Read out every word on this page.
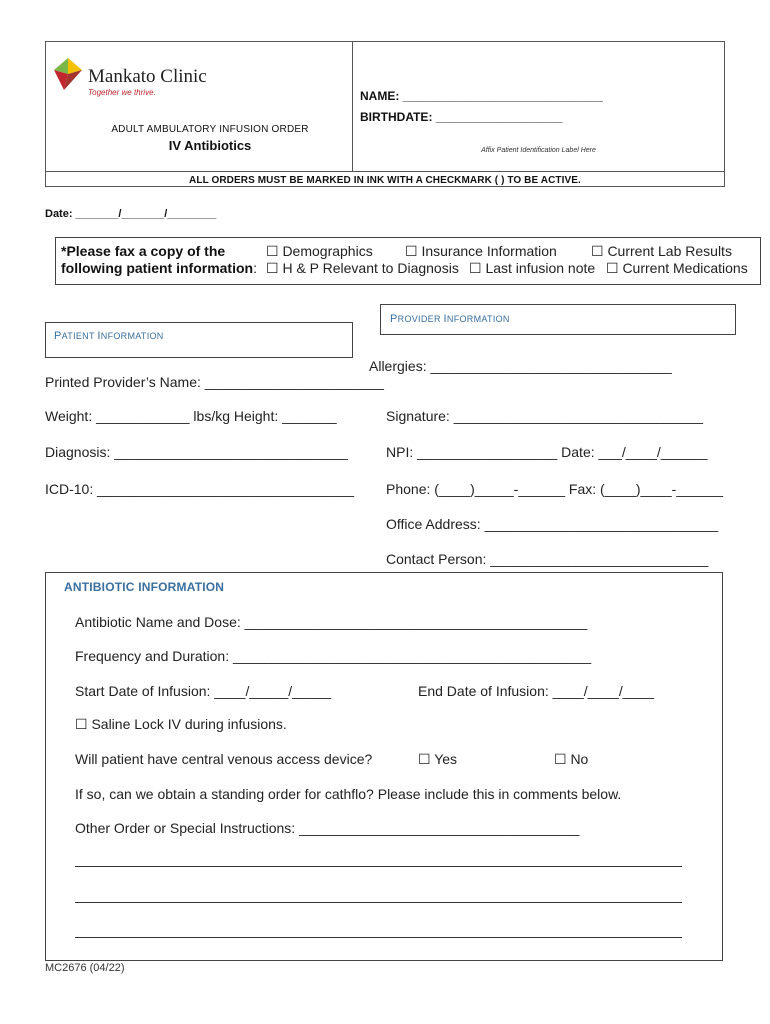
Mankato Clinic
Together we thrive.
ADULT AMBULATORY INFUSION ORDER
IV Antibiotics
NAME: ______________________________
BIRTHDATE: ___________________
Affix Patient Identification Label Here
ALL ORDERS MUST BE MARKED IN INK WITH A CHECKMARK ( ) TO BE ACTIVE.
Date: _______/_______/________
*Please fax a copy of the
following patient information:
☐ Demographics ☐ Insurance Information ☐ Current Lab Results
☐ H & P Relevant to Diagnosis ☐ Last infusion note ☐ Current Medications
PROVIDER INFORMATION
PATIENT INFORMATION
Allergies: _______________________________
Printed Provider’s Name: _______________________
Weight: ____________ lbs/kg Height: _______	Signature: ________________________________
Diagnosis: ______________________________	NPI: __________________ Date: ___/____/______
ICD-10: _________________________________ Phone: (____)_____-______ Fax: (____)____-______
Office Address: ______________________________
Contact Person: ____________________________
ANTIBIOTIC INFORMATION
Antibiotic Name and Dose: ____________________________________________
Frequency and Duration: ______________________________________________
Start Date of Infusion: ____/_____/_____	End Date of Infusion: ____/____/____
☐ Saline Lock IV during infusions.
Will patient have central venous access device?	☐ Yes	☐ No
If so, can we obtain a standing order for cathflo? Please include this in comments below.
Other Order or Special Instructions: ____________________________________
MC2676 (04/22)
